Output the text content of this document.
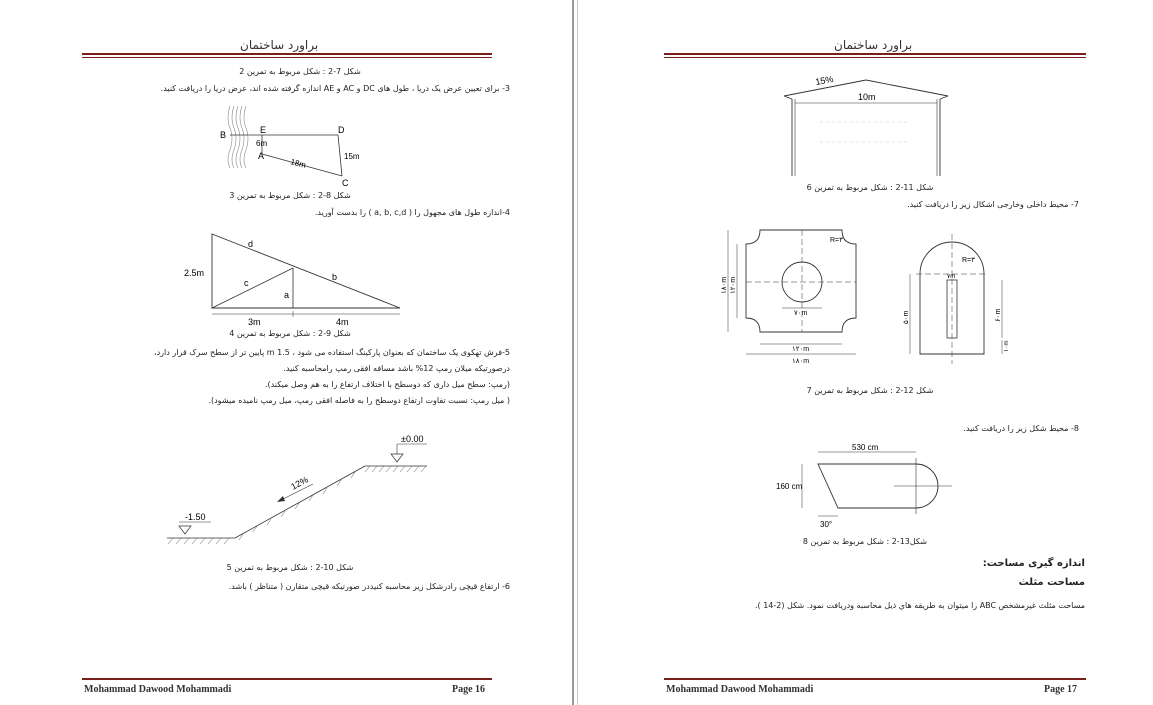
براورد ساختمان
شکل 7-2 : شکل مربوط به تمرین 2
3- برای تعیین عرض یک دریا ، طول های DC و AC و AE اندازه گرفته شده اند، عرض دریا را دریافت کنید.
B	E	D
A
C
6m
18m
15m
شکل 8-2 : شکل مربوط به تمرین 3
4-اندازه طول های مجهول را ( a, b, c,d ) را بدست آورید.
d
2.5m
c
b
a
3m	4m
شکل 9-2 : شکل مربوط به تمرین 4
5-فرش تهکوی یک ساختمان که بعنوان پارکینگ استفاده می شود ، 1.5 m پایین تر از سطح سرک قرار دارد،
درصورتیکه میلان رمپ 12% باشد مسافه افقی رمپ رامحاسبه کنید.
(رمپ: سطح میل داری که دوسطح با اختلاف ارتفاع را به هم وصل میکند).
( میل رمپ: نسبت تفاوت ارتفاع دوسطح را به فاصله افقی رمپ، میل رمپ نامیده میشود).
±0.00
-1.50
12%
شکل 10-2 : شکل مربوط به تمرین 5
6- ارتفاع قیچی رادرشکل زیر محاسبه کنیددر صورتیکه قیچی متقارن ( متناظر ) باشد.
Mohammad Dawood Mohammadi	Page 16
براورد ساختمان
15%
10m
شکل 11-2 : شکل مربوط به تمرین 6
7- محیط داخلی وخارجی اشکال زیر را دریافت کنید.
R=۳۰
۱۸۰m ۱۲۰m
۷۰m
۱۲۰m
۱۸۰m
R=۳
۷m
۵۰m	۶۰m
۱۰m
شکل 12-2 : شکل مربوط به تمرین 7
8- محیط شکل زیر را دریافت کنید.
530 cm
160 cm
30°
شکل13-2 : شکل مربوط به تمرین 8
اندازه گیری مساحت:
مساحت مثلث
مساحت مثلث غیرمشخص ABC را میتوان به طریقه هاي ذيل محاسبه ودريافت نمود. شکل (2-14 ).
Mohammad Dawood Mohammadi	Page 17
